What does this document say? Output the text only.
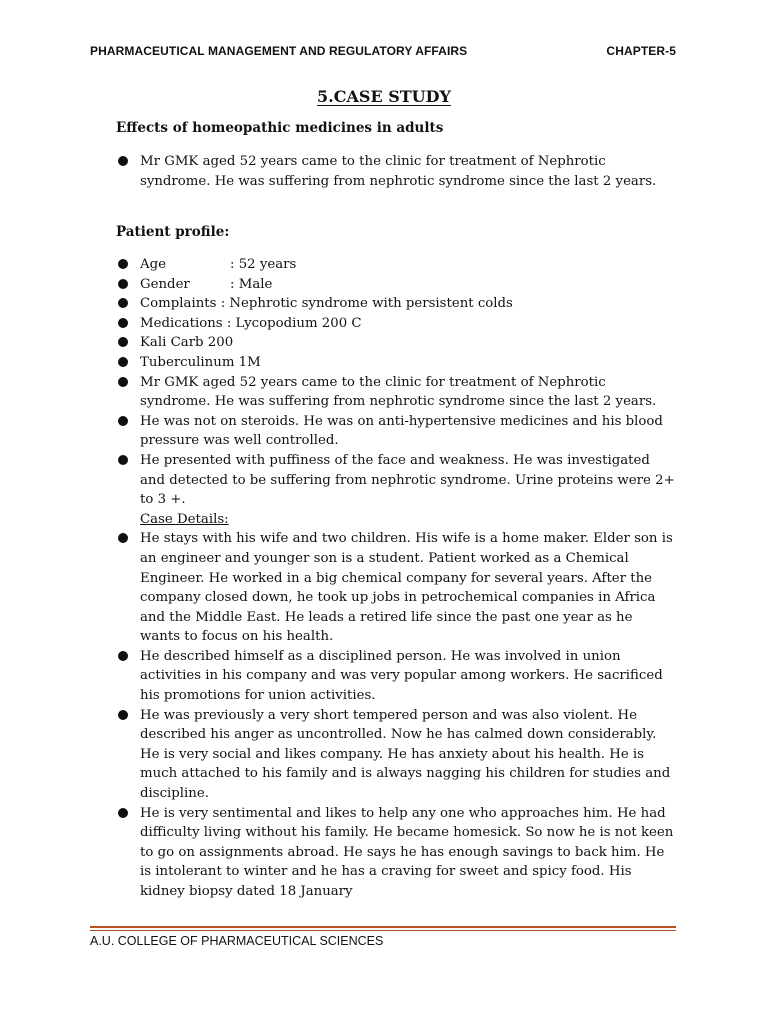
PHARMACEUTICAL MANAGEMENT AND REGULATORY AFFAIRS	CHAPTER-5
5.CASE STUDY
Effects of homeopathic medicines in adults
Mr GMK aged 52 years came to the clinic for treatment of Nephrotic syndrome. He was suffering from nephrotic syndrome since the last 2 years.
Patient profile:
Age	: 52 years
Gender	: Male
Complaints : Nephrotic syndrome with persistent colds
Medications : Lycopodium 200 C
Kali Carb 200
Tuberculinum 1M
Mr GMK aged 52 years came to the clinic for treatment of Nephrotic syndrome. He was suffering from nephrotic syndrome since the last 2 years.
He was not on steroids. He was on anti-hypertensive medicines and his blood pressure was well controlled.
He presented with puffiness of the face and weakness. He was investigated and detected to be suffering from nephrotic syndrome. Urine proteins were 2+ to 3 +.
Case Details:
He stays with his wife and two children. His wife is a home maker. Elder son is an engineer and younger son is a student. Patient worked as a Chemical Engineer. He worked in a big chemical company for several years. After the company closed down, he took up jobs in petrochemical companies in Africa and the Middle East. He leads a retired life since the past one year as he wants to focus on his health.
He described himself as a disciplined person. He was involved in union activities in his company and was very popular among workers. He sacrificed his promotions for union activities.
He was previously a very short tempered person and was also violent. He described his anger as uncontrolled. Now he has calmed down considerably. He is very social and likes company. He has anxiety about his health. He is much attached to his family and is always nagging his children for studies and discipline.
He is very sentimental and likes to help any one who approaches him. He had difficulty living without his family. He became homesick. So now he is not keen to go on assignments abroad. He says he has enough savings to back him. He is intolerant to winter and he has a craving for sweet and spicy food. His kidney biopsy dated 18 January
A.U. COLLEGE OF PHARMACEUTICAL SCIENCES
